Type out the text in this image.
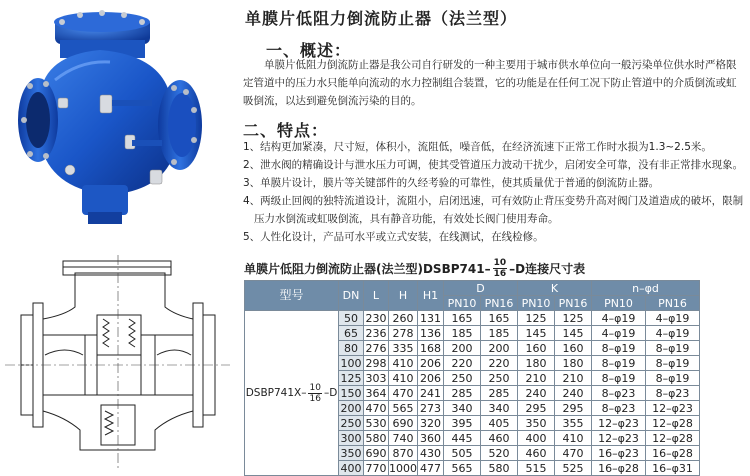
单膜片低阻力倒流防止器（法兰型）
一、概述：
单膜片低阻力倒流防止器是我公司自行研发的一种主要用于城市供水单位向一般污染单位供水时严格限定管道中的压力水只能单向流动的水力控制组合装置，它的功能是在任何工况下防止管道中的介质倒流或虹吸倒流，以达到避免倒流污染的目的。
二、特点：
1、结构更加紧凑，尺寸短，体积小，流阻低，噪音低，在经济流速下正常工作时水损为1.3~2.5米。
2、泄水阀的精确设计与泄水压力可调，使其受管道压力波动干扰少，启闭安全可靠，没有非正常排水现象。
3、单膜片设计，膜片等关键部件的久经考验的可靠性，使其质量优于普通的倒流防止器。
4、两级止回阀的独特流道设计，流阻小，启闭迅速，可有效防止背压变势升高对阀门及道造成的破坏，限制压力水倒流或虹吸倒流，具有静音功能，有效处长阀门使用寿命。
5、人性化设计，产品可水平或立式安装，在线测试，在线检修。
单膜片低阻力倒流防止器(法兰型)DSBP741– $\frac{10}{16} -D$连接尺寸表
型号	DN	L	H	H1	D		K		n–φd	
					PN10	PN16	PN10	PN16	PN10	PN16

DSBP741X– $\frac{10}{16} -D$	50	230	260	131	165	165	125	125	4–φ19	4–φ19
	65	236	278	136	185	185	145	145	4–φ19	4–φ19
	80	276	335	168	200	200	160	160	8–φ19	8–φ19
	100	298	410	206	220	220	180	180	8–φ19	8–φ19
	125	303	410	206	250	250	210	210	8–φ19	8–φ19
	150	364	470	241	285	285	240	240	8–φ23	8–φ23
	200	470	565	273	340	340	295	295	8–φ23	12–φ23
	250	530	690	320	395	405	350	355	12–φ23	12–φ28
	300	580	740	360	445	460	400	410	12–φ23	12–φ28
	350	690	870	430	505	520	460	470	16–φ23	16–φ28
	400	770	1000	477	565	580	515	525	16–φ28	16–φ31
